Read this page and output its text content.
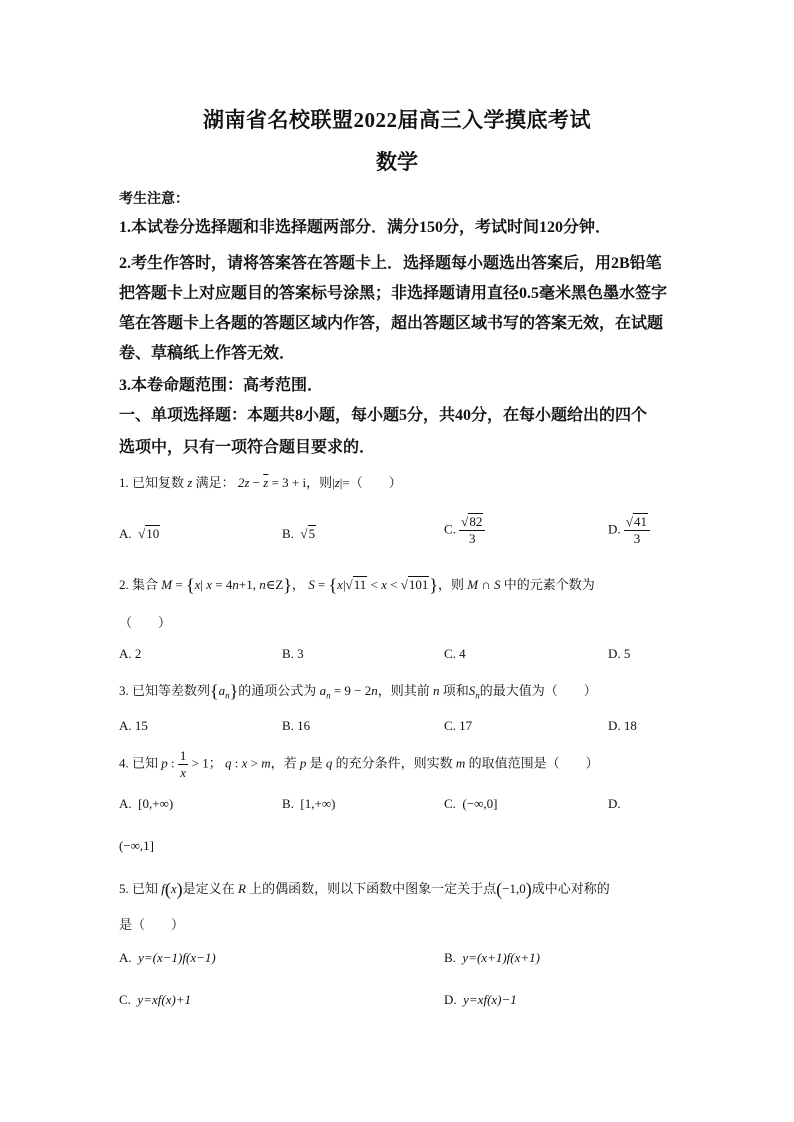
湖南省名校联盟2022届高三入学摸底考试
数学
考生注意：
1.本试卷分选择题和非选择题两部分．满分150分，考试时间120分钟．
2.考生作答时，请将答案答在答题卡上．选择题每小题选出答案后，用2B铅笔
把答题卡上对应题目的答案标号涂黑；非选择题请用直径0.5毫米黑色墨水签字
笔在答题卡上各题的答题区域内作答，超出答题区域书写的答案无效，在试题
卷、草稿纸上作答无效．
3.本卷命题范围：高考范围．
一、单项选择题：本题共8小题，每小题5分，共40分，在每小题给出的四个
选项中，只有一项符合题目要求的．
1. 已知复数 z 满足： $2z - \overline{z} = 3 + i$，则|z|=（　　）
A.  √10	B.  √5	C. $\frac{√82}{3}$	D. $\frac{√41}{3}$
2. 集合 M = {x| x = 4n+1, n∈Z}， S = {x|√11 < x < √101}，则 M ∩ S 中的元素个数为
（　　）
A. 2	B. 3	C. 4	D. 5
3. 已知等差数列$\{a_n\}$的通项公式为 $a_n = 9 - 2n$，则其前 n 项和$S_n$的最大值为（　　）
A. 15	B. 16	C. 17	D. 18
4. 已知 p : $\frac{1}{x} > 1$； q : x > m，若 p 是 q 的充分条件，则实数 m 的取值范围是（　　）
A. [0,+∞)	B. [1,+∞)	C. (−∞,0]	D.
(−∞,1]
5. 已知 f(x)是定义在 R 上的偶函数，则以下函数中图象一定关于点(−1,0)成中心对称的
是（　　）
A. y=(x−1)f(x−1)	B. y=(x+1)f(x+1)
C. y=xf(x)+1	D. y=xf(x)−1
